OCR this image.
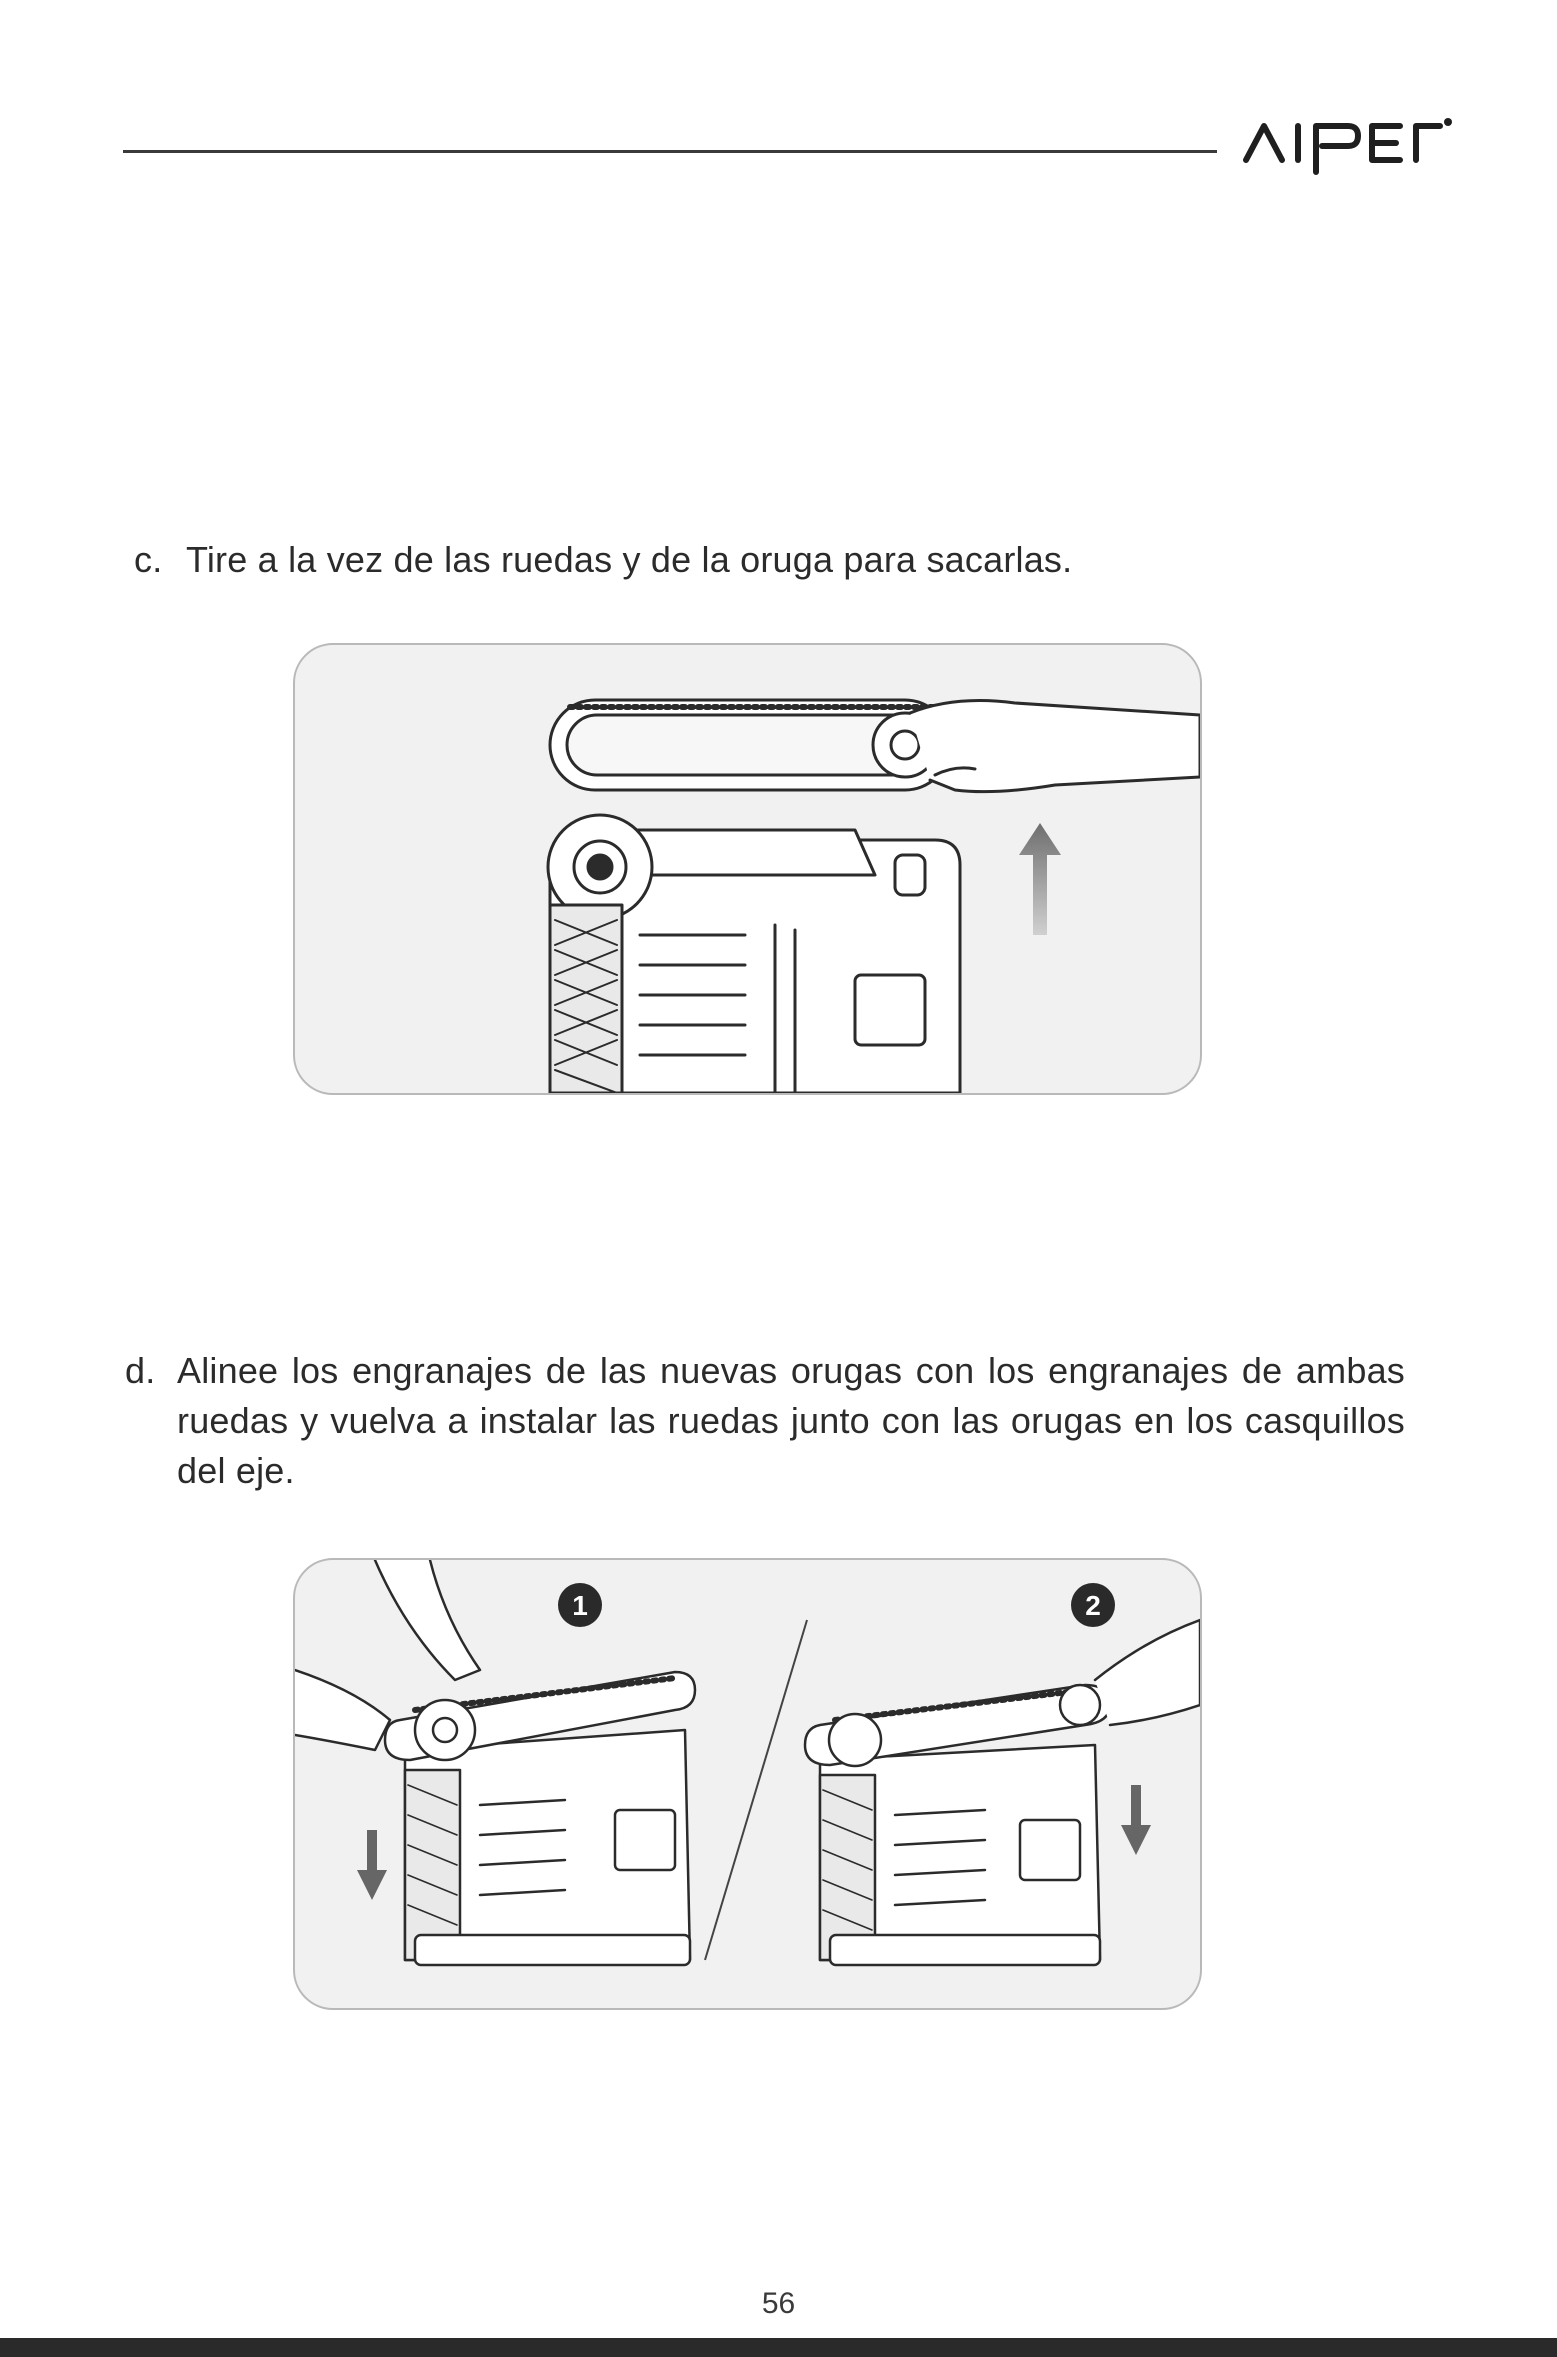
c. Tire a la vez de las ruedas y de la oruga para sacarlas.
d. Alinee los engranajes de las nuevas orugas con los engranajes de ambas ruedas y vuelva a instalar las ruedas junto con las orugas en los casquillos del eje.
1	2
56
